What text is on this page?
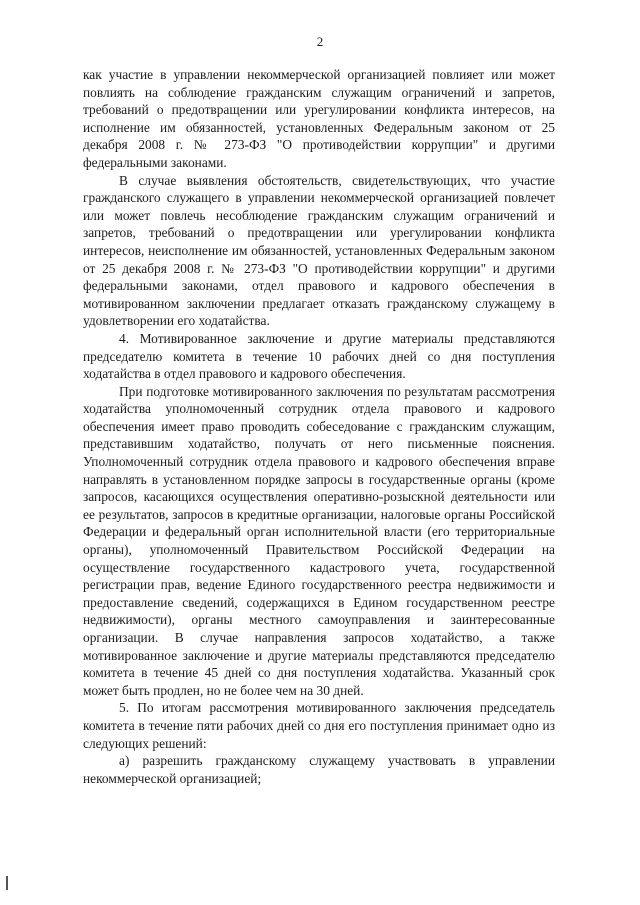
2

как участие в управлении некоммерческой организацией повлияет или может повлиять на соблюдение гражданским служащим ограничений и запретов, требований о предотвращении или урегулировании конфликта интересов, на исполнение им обязанностей, установленных Федеральным законом от 25 декабря 2008 г. № 273-ФЗ "О противодействии коррупции" и другими федеральными законами.

В случае выявления обстоятельств, свидетельствующих, что участие гражданского служащего в управлении некоммерческой организацией повлечет или может повлечь несоблюдение гражданским служащим ограничений и запретов, требований о предотвращении или урегулировании конфликта интересов, неисполнение им обязанностей, установленных Федеральным законом от 25 декабря 2008 г. № 273-ФЗ "О противодействии коррупции" и другими федеральными законами, отдел правового и кадрового обеспечения в мотивированном заключении предлагает отказать гражданскому служащему в удовлетворении его ходатайства.

4. Мотивированное заключение и другие материалы представляются председателю комитета в течение 10 рабочих дней со дня поступления ходатайства в отдел правового и кадрового обеспечения.

При подготовке мотивированного заключения по результатам рассмотрения ходатайства уполномоченный сотрудник отдела правового и кадрового обеспечения имеет право проводить собеседование с гражданским служащим, представившим ходатайство, получать от него письменные пояснения. Уполномоченный сотрудник отдела правового и кадрового обеспечения вправе направлять в установленном порядке запросы в государственные органы (кроме запросов, касающихся осуществления оперативно-розыскной деятельности или ее результатов, запросов в кредитные организации, налоговые органы Российской Федерации и федеральный орган исполнительной власти (его территориальные органы), уполномоченный Правительством Российской Федерации на осуществление государственного кадастрового учета, государственной регистрации прав, ведение Единого государственного реестра недвижимости и предоставление сведений, содержащихся в Едином государственном реестре недвижимости), органы местного самоуправления и заинтересованные организации. В случае направления запросов ходатайство, а также мотивированное заключение и другие материалы представляются председателю комитета в течение 45 дней со дня поступления ходатайства. Указанный срок может быть продлен, но не более чем на 30 дней.

5. По итогам рассмотрения мотивированного заключения председатель комитета в течение пяти рабочих дней со дня его поступления принимает одно из следующих решений:

а) разрешить гражданскому служащему участвовать в управлении некоммерческой организацией;
